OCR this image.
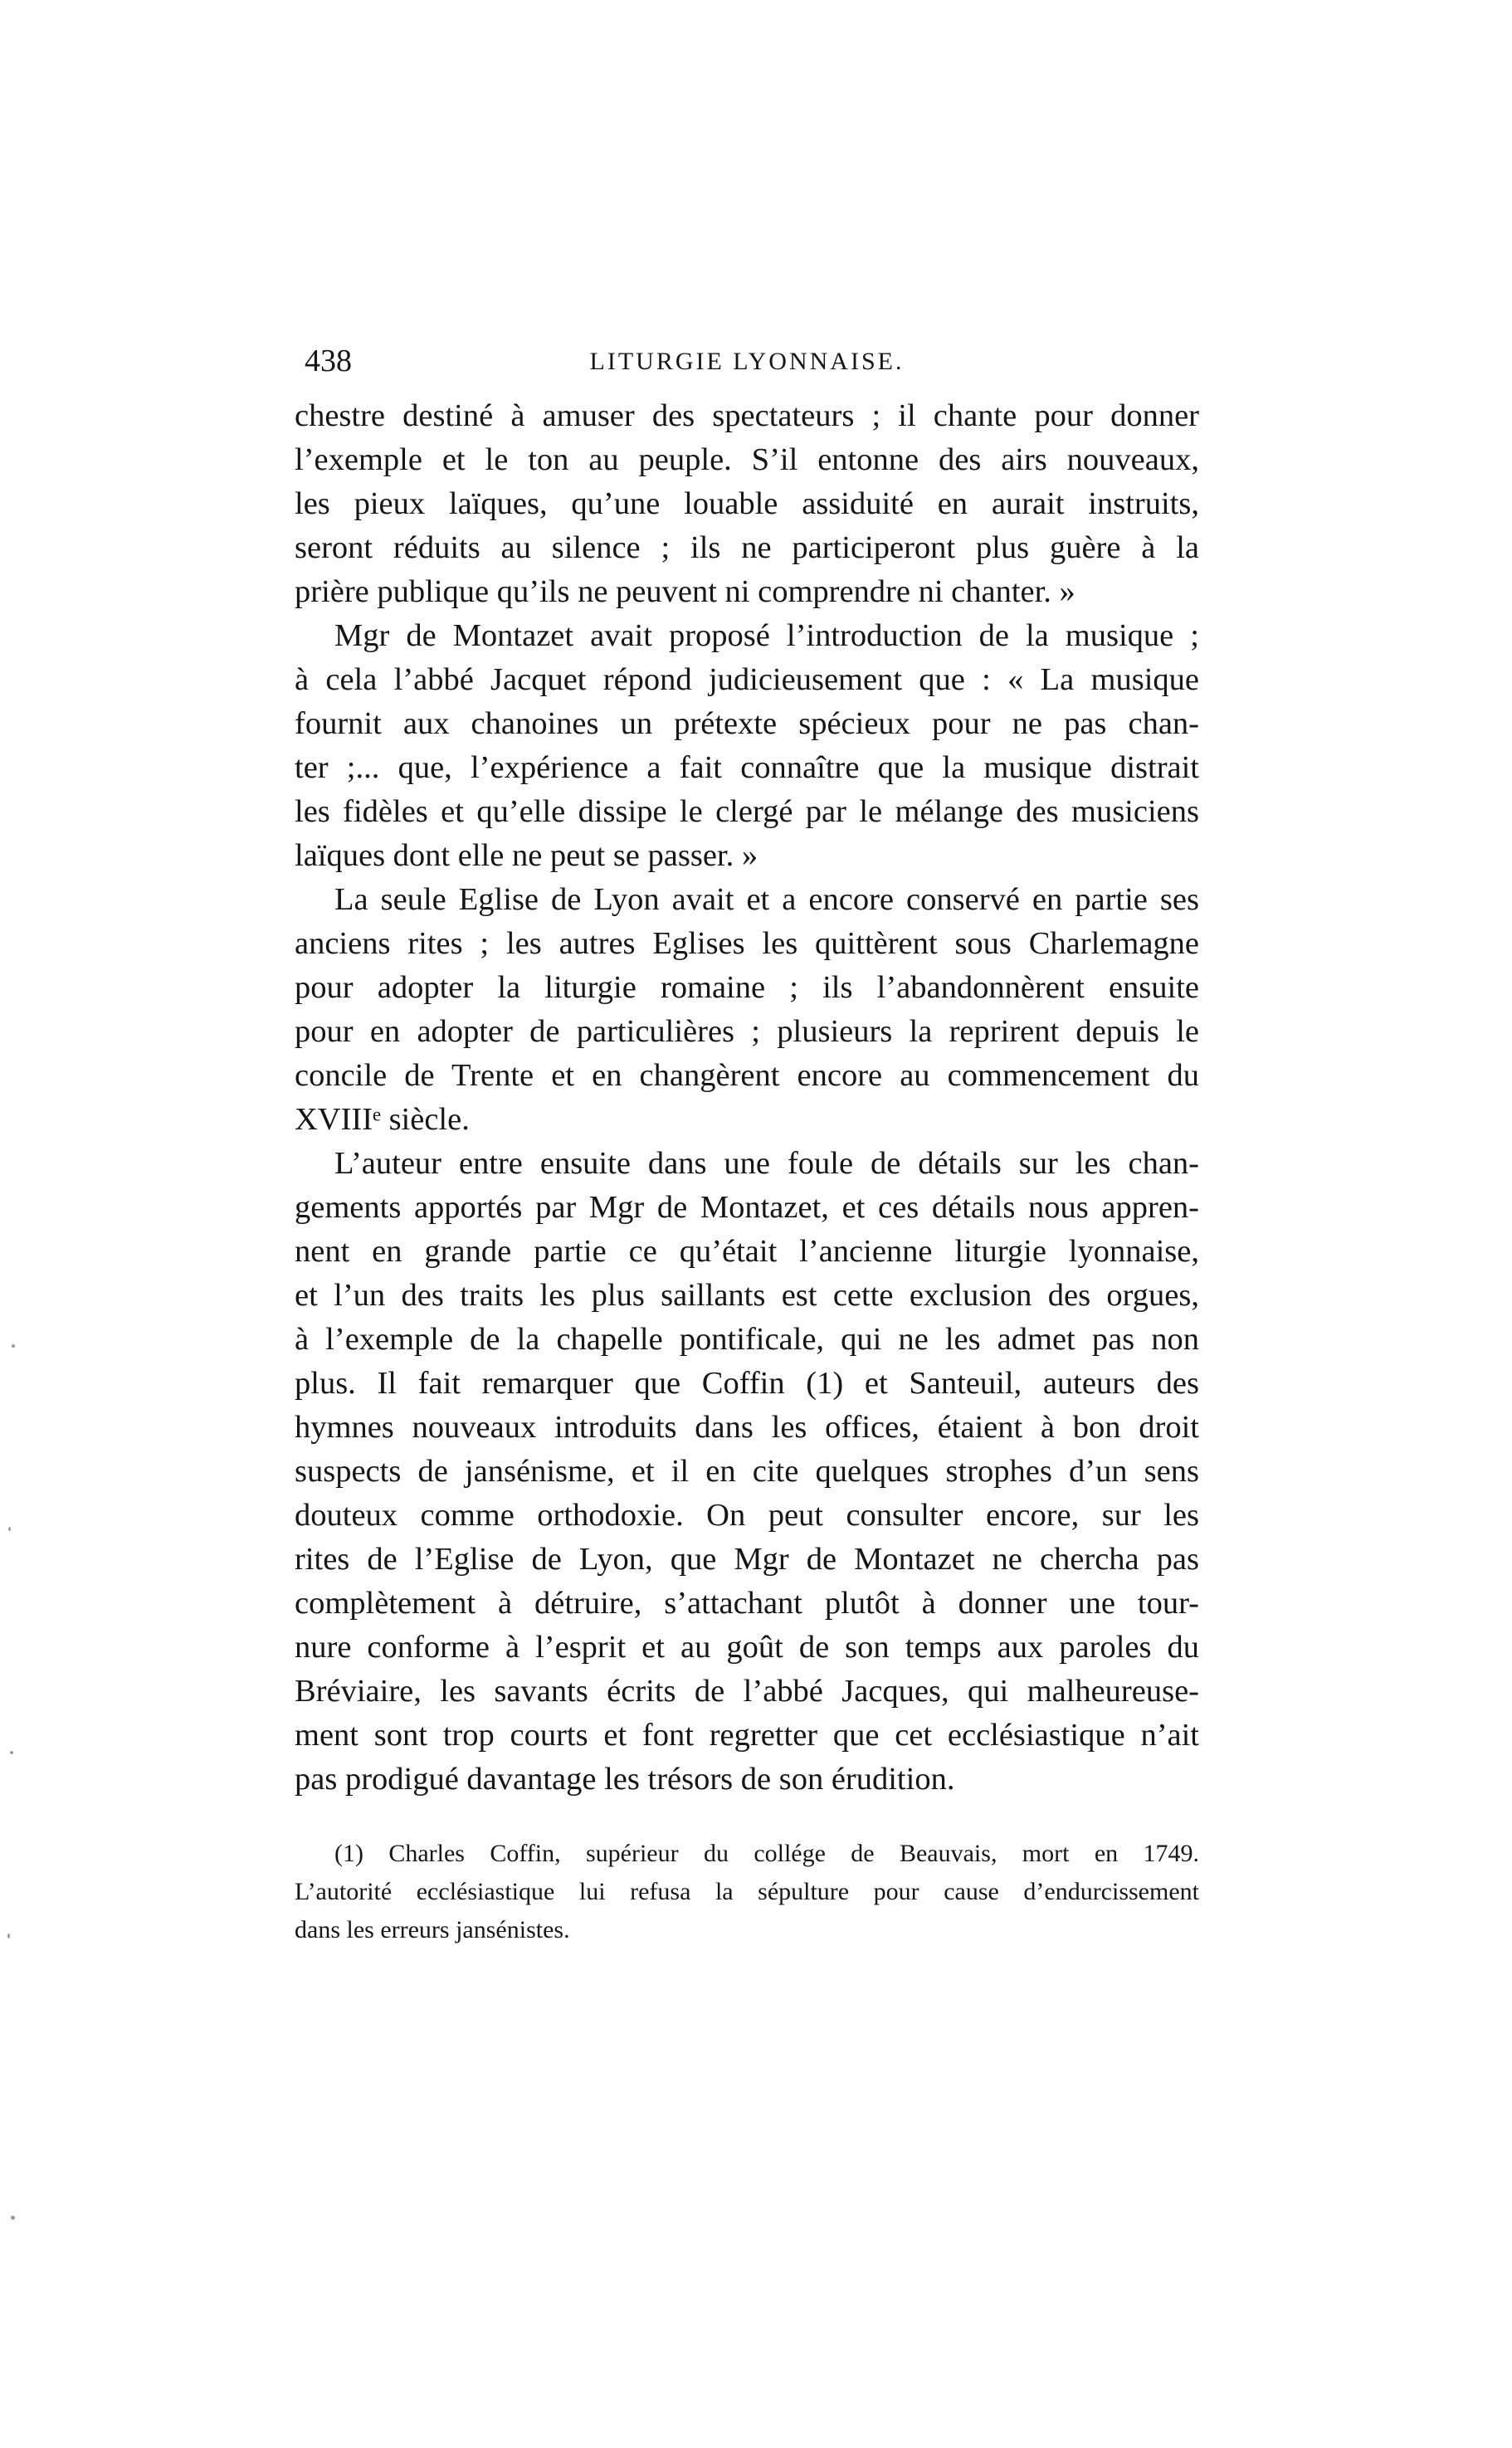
438	LITURGIE LYONNAISE.

chestre destiné à amuser des spectateurs ; il chante pour donner
l’exemple et le ton au peuple. S’il entonne des airs nouveaux,
les pieux laïques, qu’une louable assiduité en aurait instruits,
seront réduits au silence ; ils ne participeront plus guère à la
prière publique qu’ils ne peuvent ni comprendre ni chanter. »

Mgr de Montazet avait proposé l’introduction de la musique ;
à cela l’abbé Jacquet répond judicieusement que : « La musique
fournit aux chanoines un prétexte spécieux pour ne pas chan-
ter ;... que, l’expérience a fait connaître que la musique distrait
les fidèles et qu’elle dissipe le clergé par le mélange des musiciens
laïques dont elle ne peut se passer. »

La seule Eglise de Lyon avait et a encore conservé en partie ses
anciens rites ; les autres Eglises les quittèrent sous Charlemagne
pour adopter la liturgie romaine ; ils l’abandonnèrent ensuite
pour en adopter de particulières ; plusieurs la reprirent depuis le
concile de Trente et en changèrent encore au commencement du
XVIIIᵉ siècle.

L’auteur entre ensuite dans une foule de détails sur les chan-
gements apportés par Mgr de Montazet, et ces détails nous appren-
nent en grande partie ce qu’était l’ancienne liturgie lyonnaise,
et l’un des traits les plus saillants est cette exclusion des orgues,
à l’exemple de la chapelle pontificale, qui ne les admet pas non
plus. Il fait remarquer que Coffin (1) et Santeuil, auteurs des
hymnes nouveaux introduits dans les offices, étaient à bon droit
suspects de jansénisme, et il en cite quelques strophes d’un sens
douteux comme orthodoxie. On peut consulter encore, sur les
rites de l’Eglise de Lyon, que Mgr de Montazet ne chercha pas
complètement à détruire, s’attachant plutôt à donner une tour-
nure conforme à l’esprit et au goût de son temps aux paroles du
Bréviaire, les savants écrits de l’abbé Jacques, qui malheureuse-
ment sont trop courts et font regretter que cet ecclésiastique n’ait
pas prodigué davantage les trésors de son érudition.

(1) Charles Coffin, supérieur du collége de Beauvais, mort en 1749.
L’autorité ecclésiastique lui refusa la sépulture pour cause d’endurcissement
dans les erreurs jansénistes.
